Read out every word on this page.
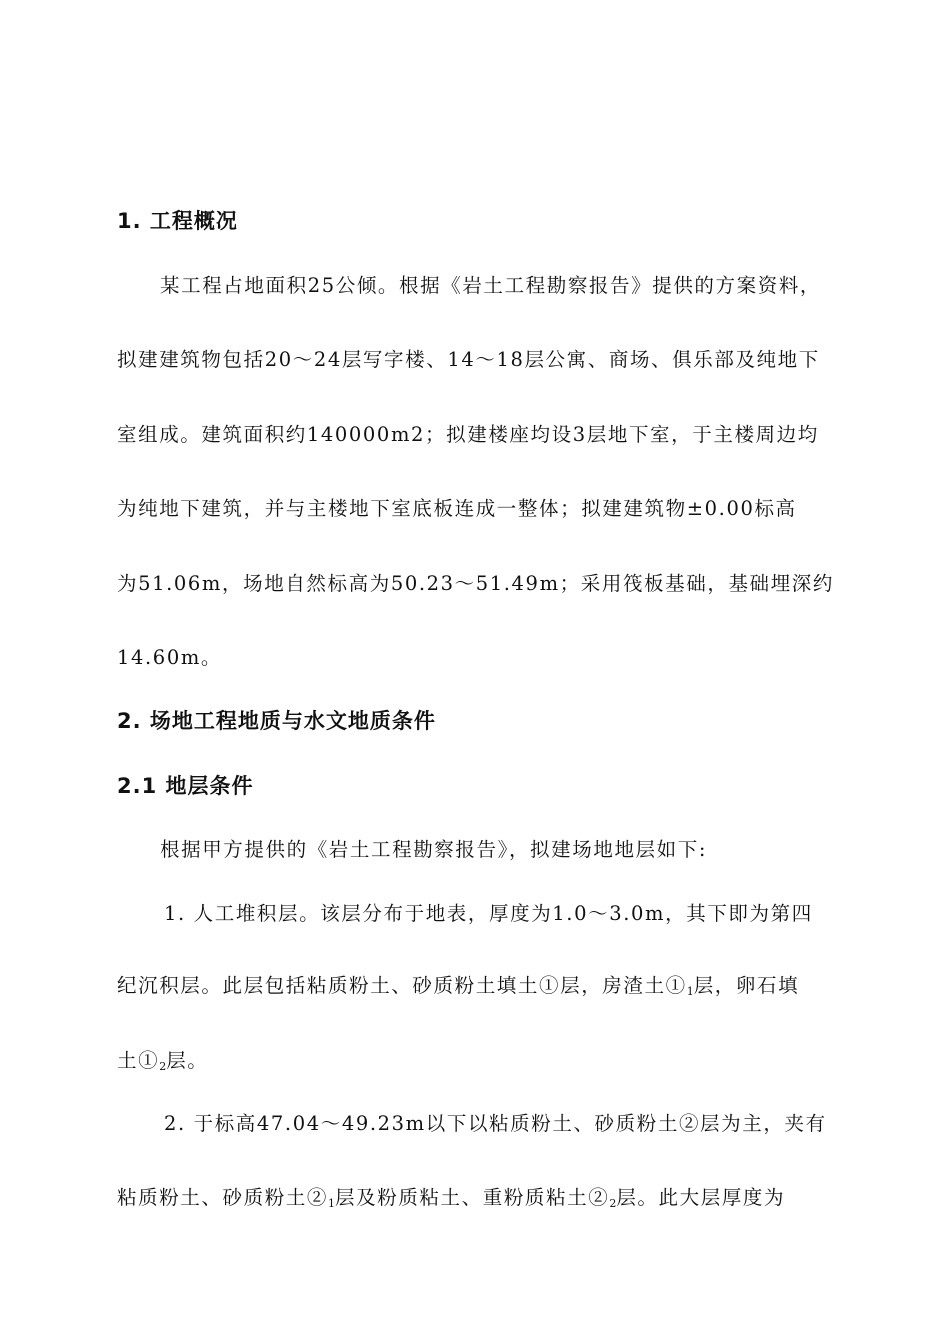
1. 工程概况
某工程占地面积25公倾。根据《岩土工程勘察报告》提供的方案资料，
拟建建筑物包括20～24层写字楼、14～18层公寓、商场、俱乐部及纯地下
室组成。建筑面积约140000m2；拟建楼座均设3层地下室，于主楼周边均
为纯地下建筑，并与主楼地下室底板连成一整体；拟建建筑物±0.00标高
为51.06m，场地自然标高为50.23～51.49m；采用筏板基础，基础埋深约
14.60m。
2. 场地工程地质与水文地质条件
2.1 地层条件
根据甲方提供的《岩土工程勘察报告》，拟建场地地层如下:
1. 人工堆积层。该层分布于地表，厚度为1.0～3.0m，其下即为第四
纪沉积层。此层包括粘质粉土、砂质粉土填土①层，房渣土$①_1$层，卵石填
土$①_2$层。
2. 于标高47.04～49.23m以下以粘质粉土、砂质粉土②层为主，夹有
粘质粉土、砂质粉土$②_1$层及粉质粘土、重粉质粘土$②_2$层。此大层厚度为
